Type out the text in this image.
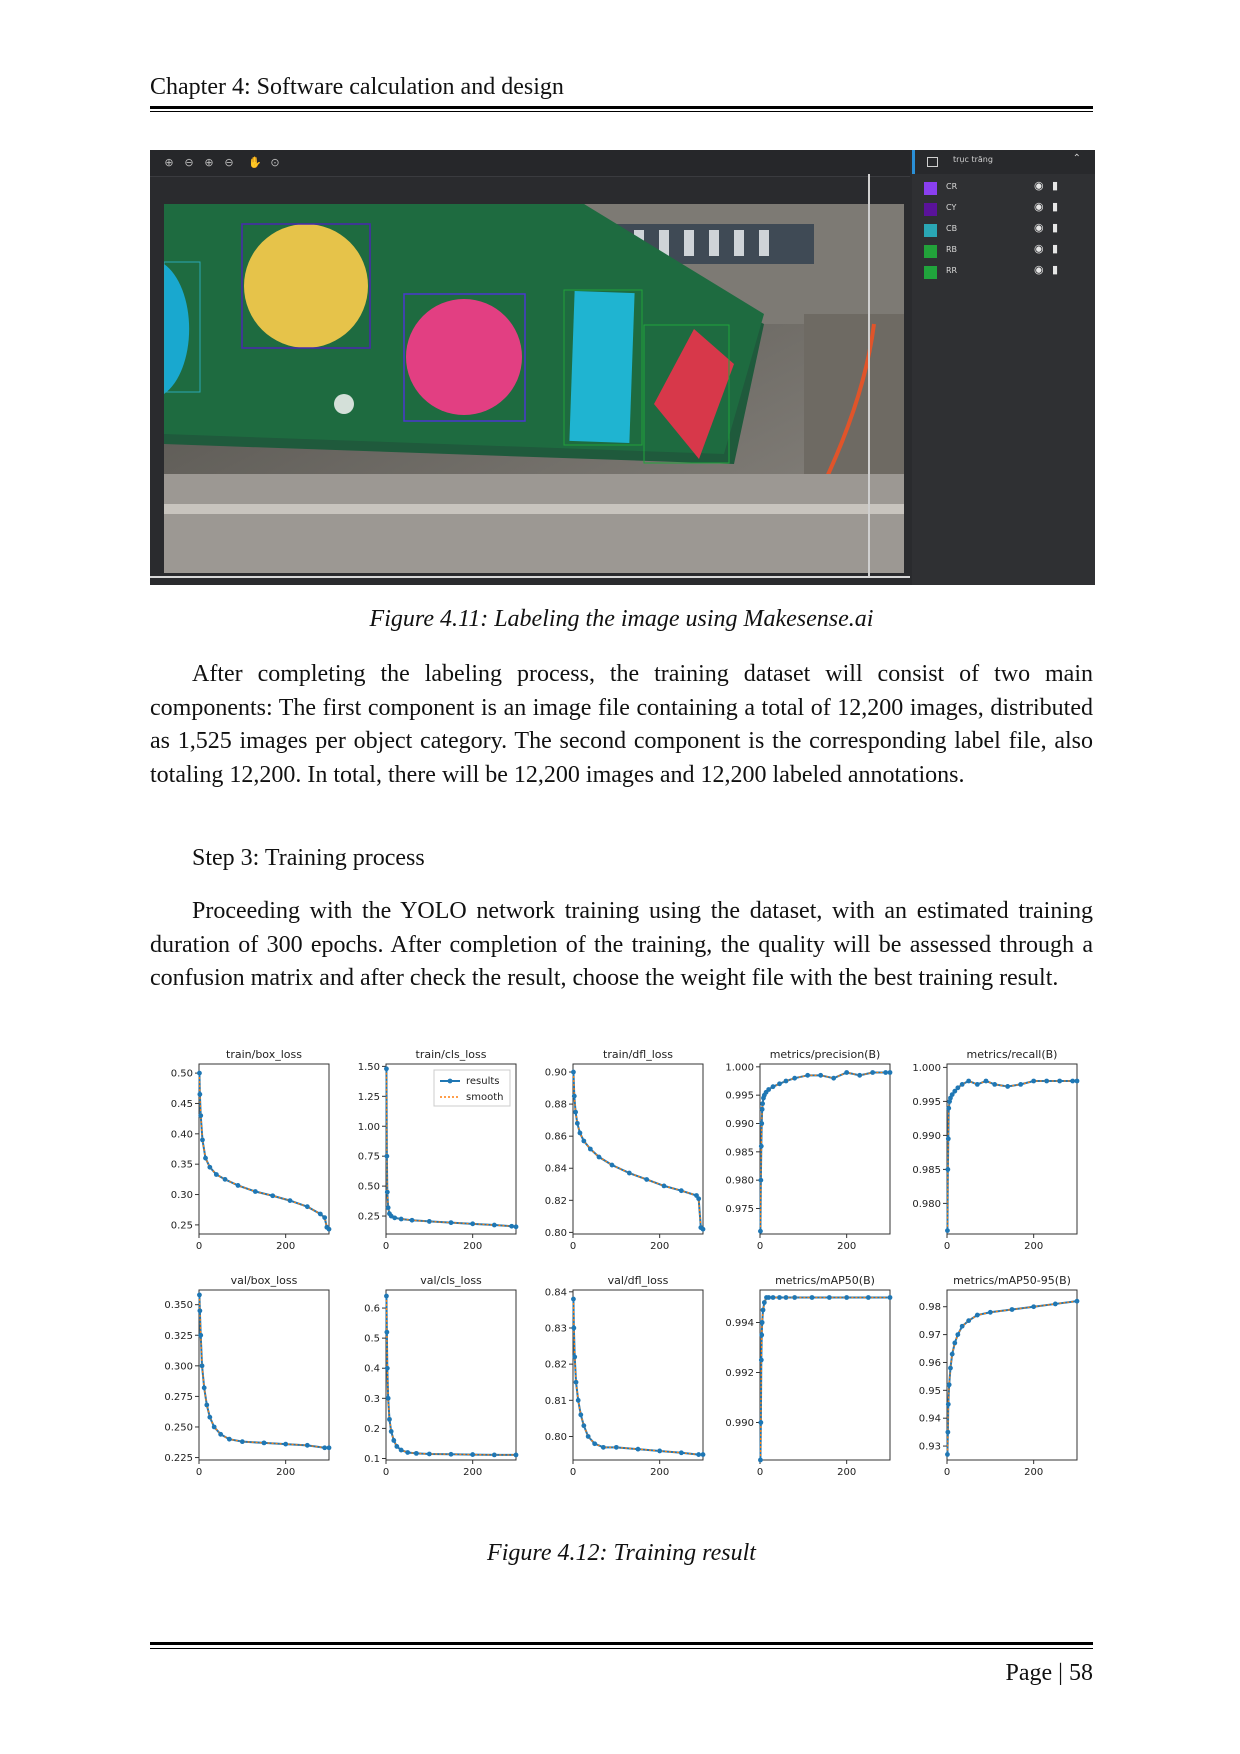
Chapter 4: Software calculation and design
⊕ ⊖ ⊕ ⊖ ✋ ⊙	trục trăng	⌃
CR	◉ ▮
CY	◉ ▮
CB	◉ ▮
RB	◉ ▮
RR	◉ ▮
Figure 4.11: Labeling the image using Makesense.ai

After completing the labeling process, the training dataset will consist of two main components: The first component is an image file containing a total of 12,200 images, distributed as 1,525 images per object category. The second component is the corresponding label file, also totaling 12,200. In total, there will be 12,200 images and 12,200 labeled annotations.

Step 3: Training process

Proceeding with the YOLO network training using the dataset, with an estimated training duration of 300 epochs. After completion of the training, the quality will be assessed through a confusion matrix and after check the result, choose the weight file with the best training result.

train/box_loss
0.25
0.30
0.35
0.40
0.45
0.50
0	200
train/cls_loss
0.25
0.50
0.75
1.00
1.25
1.50
0	200
results
smooth
train/dfl_loss
0.80
0.82
0.84
0.86
0.88
0.90
0	200
metrics/precision(B)
0.975
0.980
0.985
0.990
0.995
1.000
0	200
metrics/recall(B)
0.980
0.985
0.990
0.995
1.000
0	200
val/box_loss
0.225
0.250
0.275
0.300
0.325
0.350
0	200
val/cls_loss
0.1
0.2
0.3
0.4
0.5
0.6
0	200
val/dfl_loss
0.80
0.81
0.82
0.83
0.84
0	200
metrics/mAP50(B)
0.990
0.992
0.994
0	200
metrics/mAP50-95(B)
0.93
0.94
0.95
0.96
0.97
0.98
0	200
Figure 4.12: Training result
Page | 58
